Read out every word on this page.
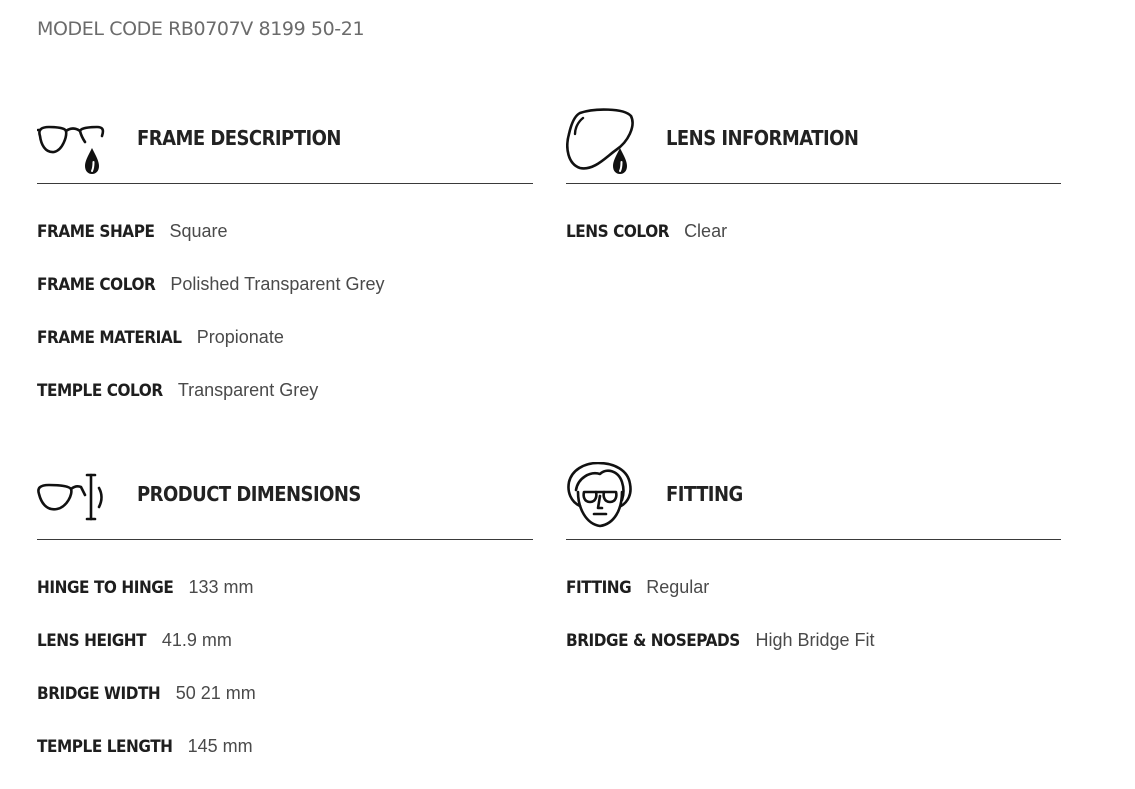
MODEL CODE RB0707V 8199 50-21
FRAME DESCRIPTION
FRAME SHAPE Square
FRAME COLOR Polished Transparent Grey
FRAME MATERIAL Propionate
TEMPLE COLOR Transparent Grey
LENS INFORMATION
LENS COLOR Clear
PRODUCT DIMENSIONS
HINGE TO HINGE 133 mm
LENS HEIGHT 41.9 mm
BRIDGE WIDTH 50 21 mm
TEMPLE LENGTH 145 mm
FITTING
FITTING Regular
BRIDGE & NOSEPADS High Bridge Fit
